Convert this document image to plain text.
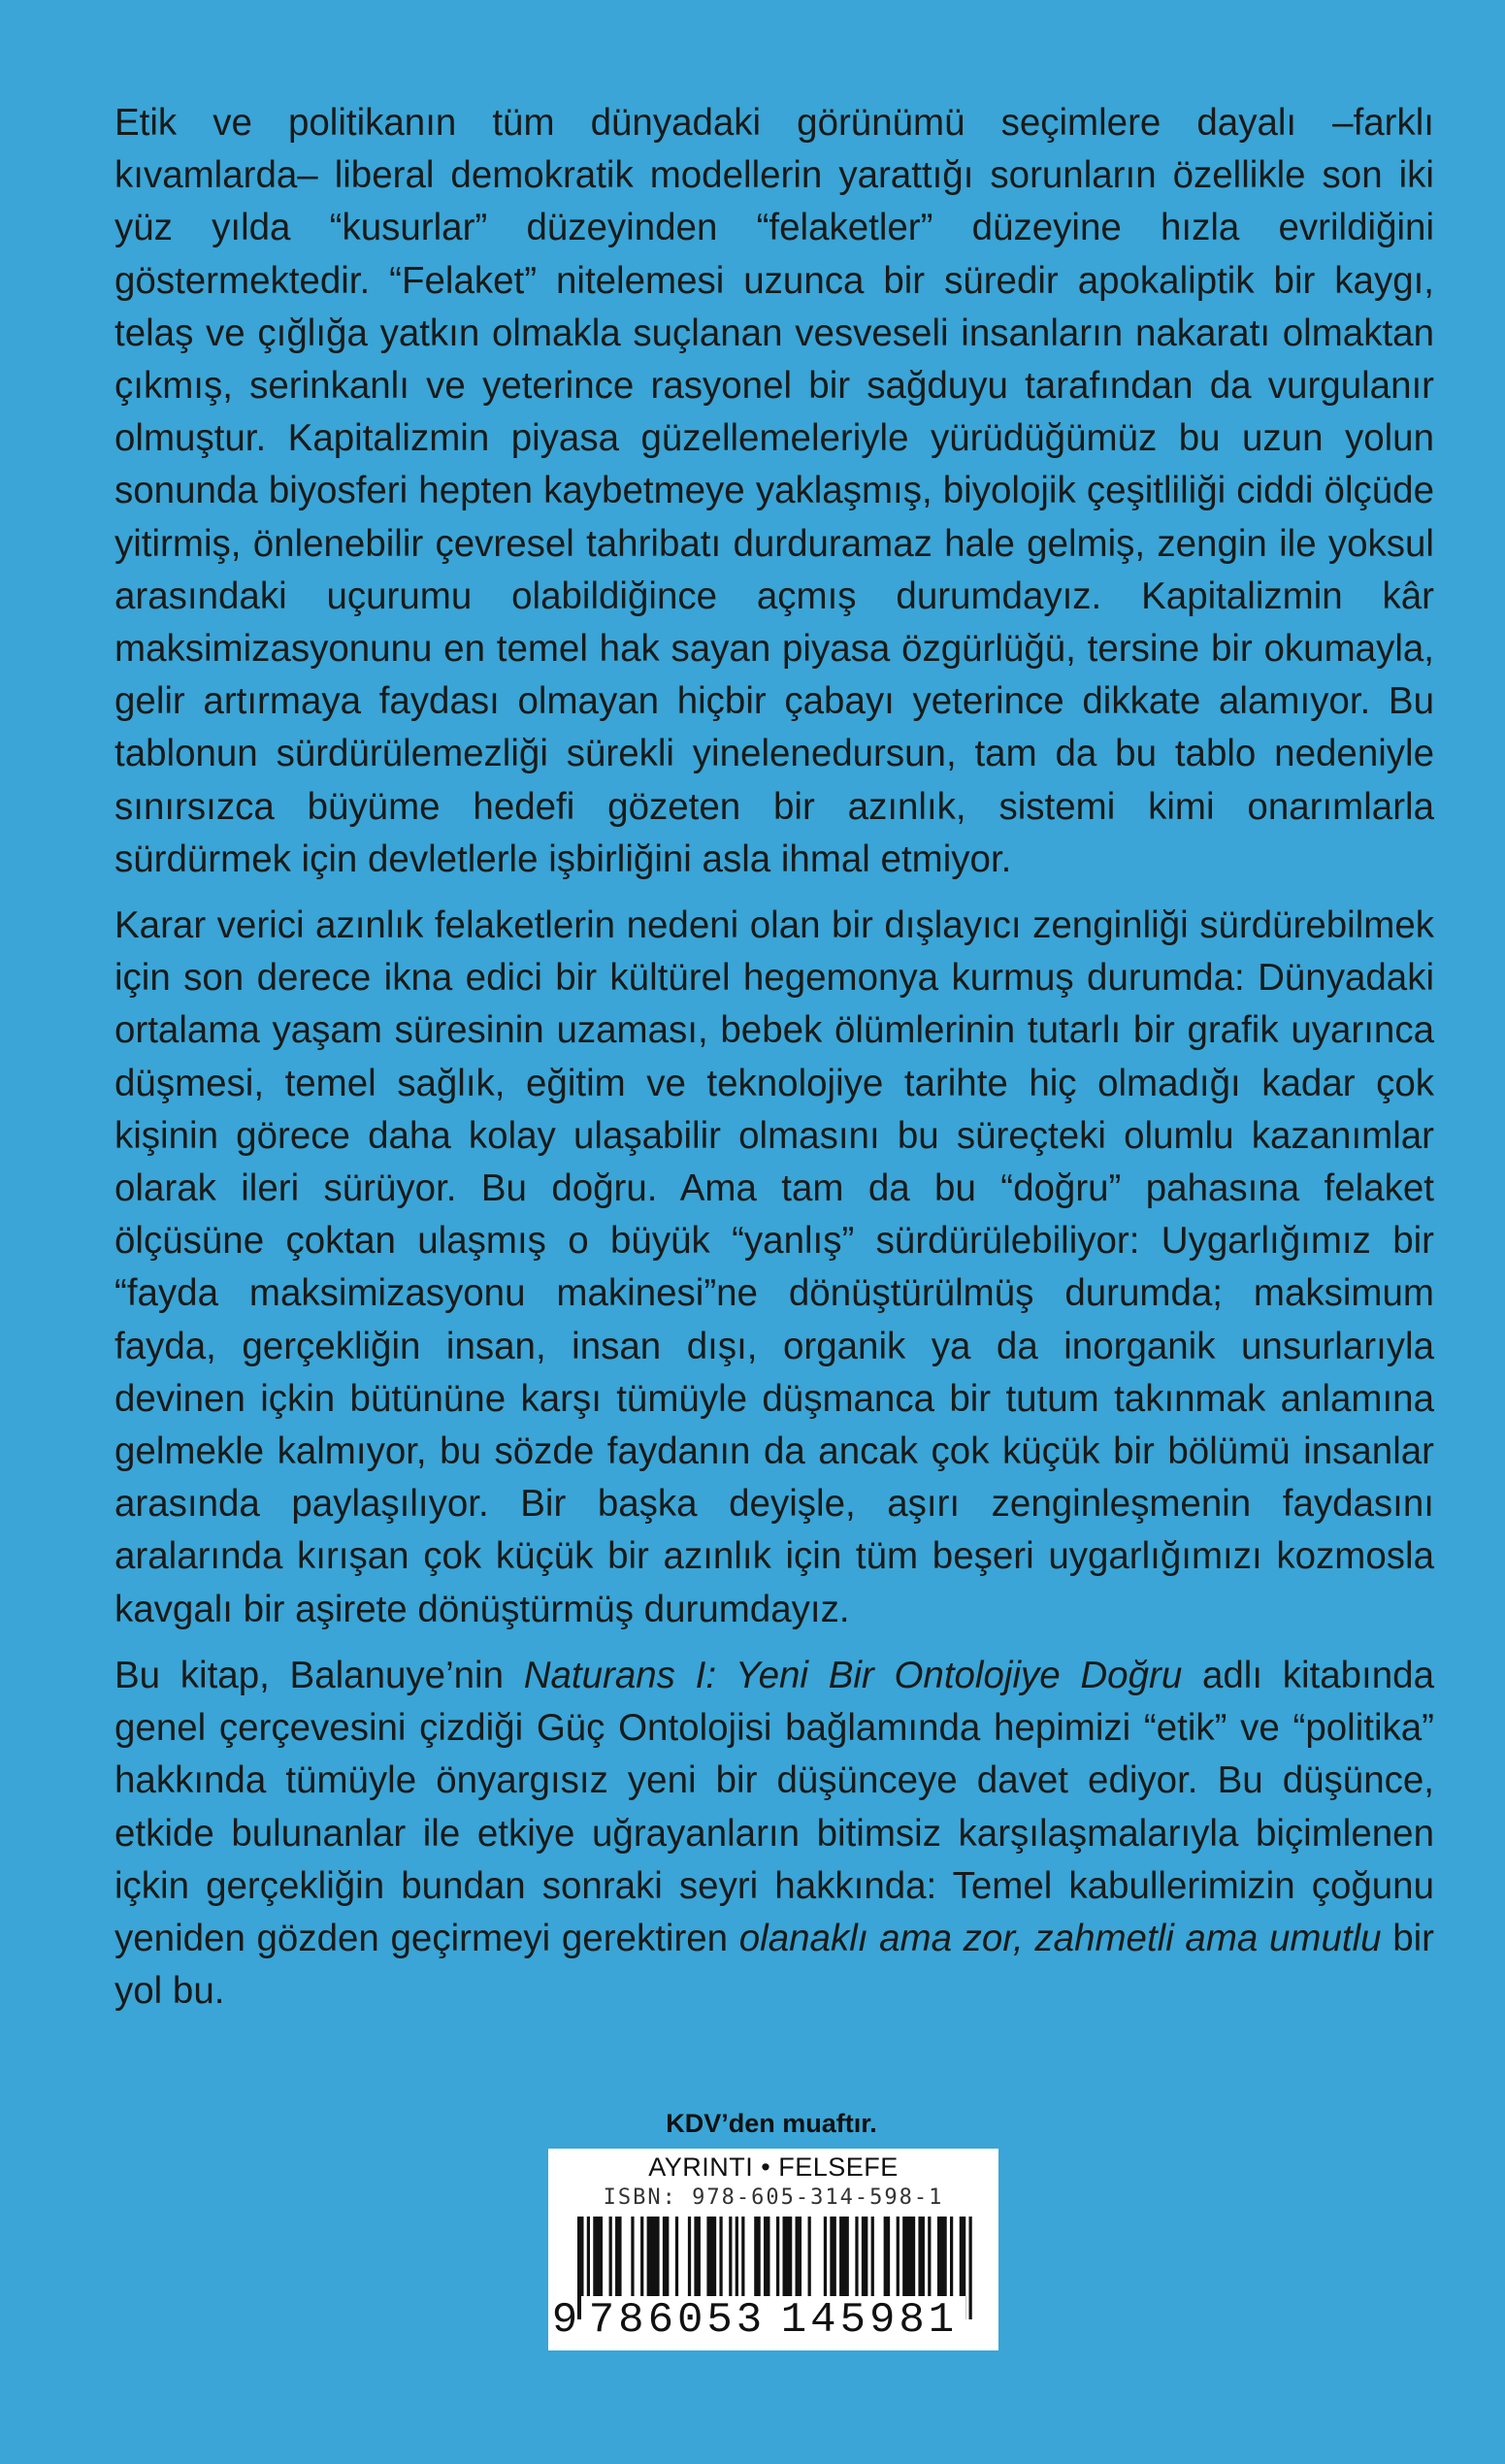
Etik ve politikanın tüm dünyadaki görünümü seçimlere dayalı –farklı kıvamlarda– liberal demokratik modellerin yarattığı sorunların özellikle son iki yüz yılda “kusurlar” düzeyinden “felaketler” düzeyine hızla evrildiğini göstermektedir. “Felaket” nitelemesi uzunca bir süredir apokaliptik bir kaygı, telaş ve çığlığa yatkın olmakla suçlanan vesveseli insanların nakaratı olmaktan çıkmış, serinkanlı ve yeterince rasyonel bir sağduyu tarafından da vurgulanır olmuştur. Kapitalizmin piyasa güzellemeleriyle yürüdüğümüz bu uzun yolun sonunda biyosferi hepten kaybetmeye yaklaşmış, biyolojik çeşitliliği ciddi ölçüde yitirmiş, önlenebilir çevresel tahribatı durduramaz hale gelmiş, zengin ile yoksul arasındaki uçurumu olabildiğince açmış durumdayız. Kapitalizmin kâr maksimizasyonunu en temel hak sayan piyasa özgürlüğü, tersine bir okumayla, gelir artırmaya faydası olmayan hiçbir çabayı yeterince dikkate alamıyor. Bu tablonun sürdürülemezliği sürekli yinelenedursun, tam da bu tablo nedeniyle sınırsızca büyüme hedefi gözeten bir azınlık, sistemi kimi onarımlarla sürdürmek için devletlerle işbirliğini asla ihmal etmiyor.

Karar verici azınlık felaketlerin nedeni olan bir dışlayıcı zenginliği sürdürebilmek için son derece ikna edici bir kültürel hegemonya kurmuş durumda: Dünyadaki ortalama yaşam süresinin uzaması, bebek ölümlerinin tutarlı bir grafik uyarınca düşmesi, temel sağlık, eğitim ve teknolojiye tarihte hiç olmadığı kadar çok kişinin görece daha kolay ulaşabilir olmasını bu süreçteki olumlu kazanımlar olarak ileri sürüyor. Bu doğru. Ama tam da bu “doğru” pahasına felaket ölçüsüne çoktan ulaşmış o büyük “yanlış” sürdürülebiliyor: Uygarlığımız bir “fayda maksimizasyonu makinesi”ne dönüştürülmüş durumda; maksimum fayda, gerçekliğin insan, insan dışı, organik ya da inorganik unsurlarıyla devinen içkin bütününe karşı tümüyle düşmanca bir tutum takınmak anlamına gelmekle kalmıyor, bu sözde faydanın da ancak çok küçük bir bölümü insanlar arasında paylaşılıyor. Bir başka deyişle, aşırı zenginleşmenin faydasını aralarında kırışan çok küçük bir azınlık için tüm beşeri uygarlığımızı kozmosla kavgalı bir aşirete dönüştürmüş durumdayız.

Bu kitap, Balanuye’nin Naturans I: Yeni Bir Ontolojiye Doğru adlı kitabında genel çerçevesini çizdiği Güç Ontolojisi bağlamında hepimizi “etik” ve “politika” hakkında tümüyle önyargısız yeni bir düşünceye davet ediyor. Bu düşünce, etkide bulunanlar ile etkiye uğrayanların bitimsiz karşılaşmalarıyla biçimlenen içkin gerçekliğin bundan sonraki seyri hakkında: Temel kabullerimizin çoğunu yeniden gözden geçirmeyi gerektiren olanaklı ama zor, zahmetli ama umutlu bir yol bu.

KDV’den muaftır.
AYRINTI • FELSEFE
ISBN: 978-605-314-598-1
9 786053 145981
